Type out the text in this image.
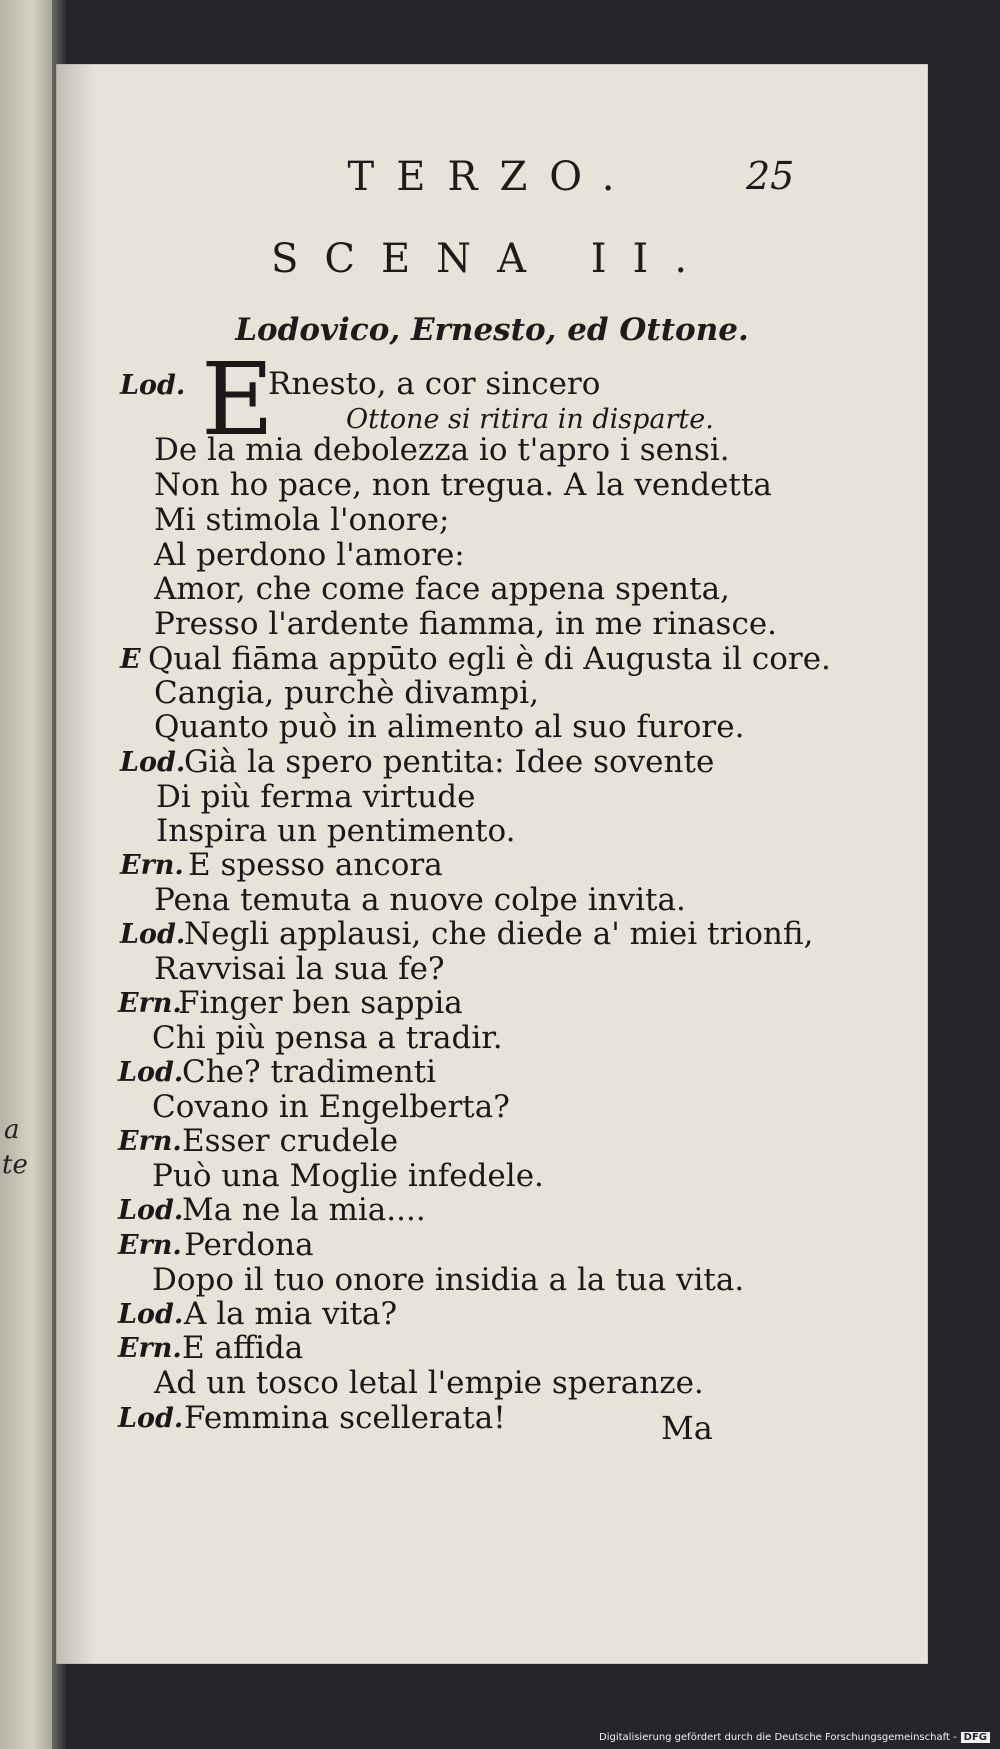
a
te
TERZO.	25
SCENA II.
Lodovico, Ernesto, ed Ottone.
E
Lod.	Rnesto, a cor sincero
Ottone si ritira in disparte.
De la mia debolezza io t'apro i sensi.
Non ho pace, non tregua. A la vendetta
Mi stimola l'onore;
Al perdono l'amore:
Amor, che come face appena spenta,
Presso l'ardente fiamma, in me rinasce.
E Qual fiāma appūto egli è di Augusta il core.
Cangia, purchè divampi,
Quanto può in alimento al suo furore.
Lod.
Già la spero pentita: Idee sovente
Di più ferma virtude
Inspira un pentimento.
Ern. E spesso ancora
Pena temuta a nuove colpe invita.
Lod.
Negli applausi, che diede a' miei trionfi,
Ravvisai la sua fe?
Ern.
Finger ben sappia
Chi più pensa a tradir.
Lod.
Che? tradimenti
Covano in Engelberta?
Ern. Esser crudele
Può una Moglie infedele.
Lod.
Ma ne la mia....
Ern. Perdona
Dopo il tuo onore insidia a la tua vita.
Lod. A la mia vita?
Ern. E affida
Ad un tosco letal l'empie speranze.
Lod. Femmina scellerata!	Ma
Digitalisierung gefördert durch die Deutsche Forschungsgemeinschaft - DFG
